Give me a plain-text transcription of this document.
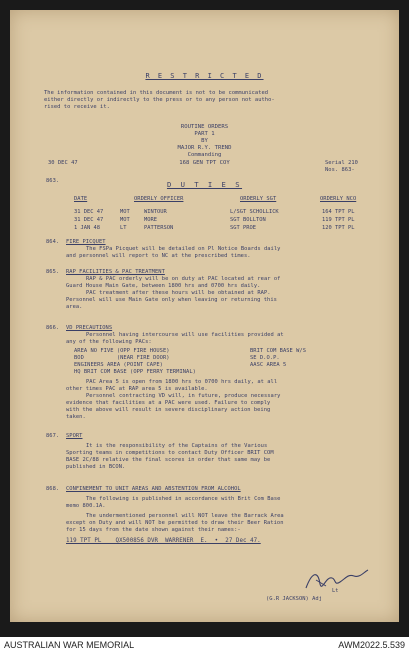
R E S T R I C T E D
The information contained in this document is not to be communicated
either directly or indirectly to the press or to any person not autho-
rised to receive it.
ROUTINE ORDERS
PART 1
BY
MAJOR R.Y. TREND
Commanding
168 GEN TPT COY
30 DEC 47	Serial 210
Nos. 863-
863.	D U T I E S
DATE	ORDERLY OFFICER	ORDERLY SGT	ORDERLY NCO
31 DEC 47	MOT	WINTOUR	L/SGT SCHOLLICK	164 TPT PL
31 DEC 47	MOT	MORE	SGT BOLLTON	119 TPT PL
1 JAN 48	LT	PATTERSON	SGT PROE	120 TPT PL
864. FIRE PICQUET
The FSPa Picquet will be detailed on Pl Notice Boards daily
and personnel will report to NC at the prescribed times.
865. RAP FACILITIES & PAC TREATMENT
RAP & PAC orderly will be on duty at PAC located at rear of
Guard House Main Gate, between 1800 hrs and 0700 hrs daily.
PAC treatment after these hours will be obtained at RAP.
Personnel will use Main Gate only when leaving or returning this
area.
866. VD PRECAUTIONS
Personnel having intercourse will use facilities provided at
any of the following PACs:
AREA NO FIVE (OPP FIRE HOUSE)	BRIT COM BASE W/S
BOD          (NEAR FIRE DOOR)	SE D.O.P.
ENGINEERS AREA (POINT CAPE)	AASC AREA 5
HQ BRIT COM BASE (OPP FERRY TERMINAL)
PAC Area 5 is open from 1800 hrs to 0700 hrs daily, at all
other times PAC at RAP area 5 is available.
Personnel contracting VD will, in future, produce necessary
evidence that facilities at a PAC were used. Failure to comply
with the above will result in severe disciplinary action being
taken.
867. SPORT
It is the responsibility of the Captains of the Various
Sporting teams in competitions to contact Duty Officer BRIT COM
BASE 2C/88 relative the final scores in order that same may be
published in BCON.
868. CONFINEMENT TO UNIT AREAS AND ABSTENTION FROM ALCOHOL
The following is published in accordance with Brit Com Base
memo 800.1A.
The undermentioned personnel will NOT leave the Barrack Area
except on Duty and will NOT be permitted to draw their Beer Ration
for 15 days from the date shown against their names:-
119 TPT PL    QX500856 DVR  WARRENER  E.  •  27 Dec 47.
Lt
(G.R JACKSON) Adj
AUSTRALIAN WAR MEMORIAL	AWM2022.5.539
